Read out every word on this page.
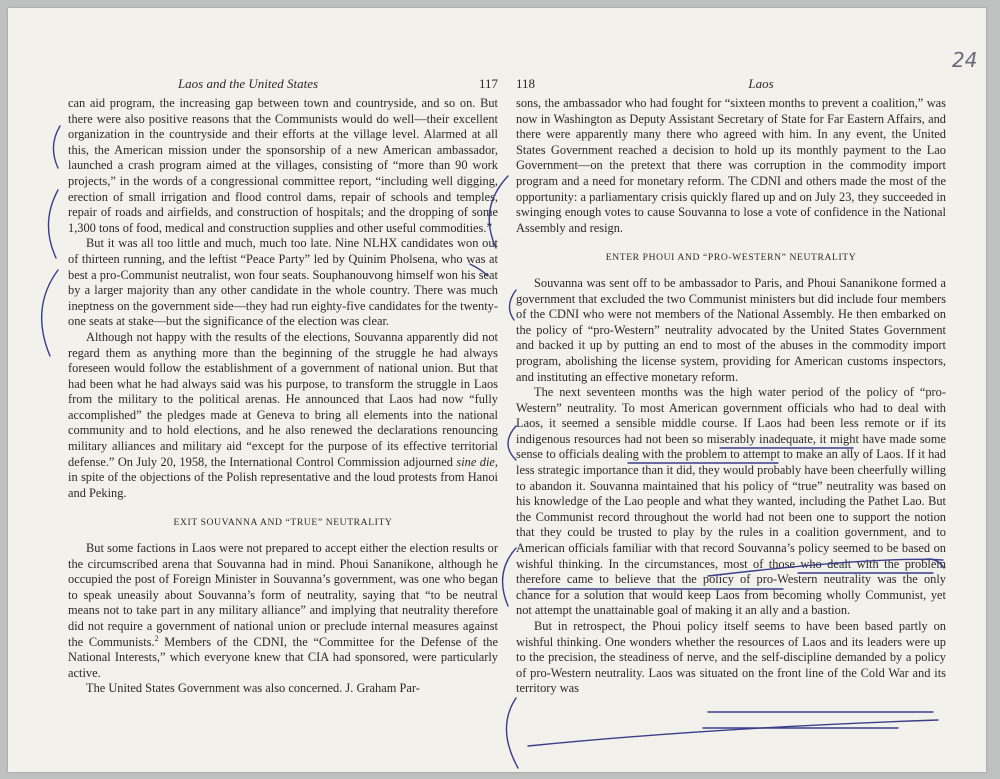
24
Laos and the United States	117

can aid program, the increasing gap between town and countryside, and so on. But there were also positive reasons that the Communists would do well—their excellent organization in the countryside and their efforts at the village level. Alarmed at all this, the American mission under the sponsorship of a new American ambassador, launched a crash program aimed at the villages, consisting of “more than 90 work projects,” in the words of a congressional committee report, “including well digging, erection of small irrigation and flood control dams, repair of schools and temples, repair of roads and airfields, and construction of hospitals; and the dropping of some 1,300 tons of food, medical and construction supplies and other useful commodities.”

But it was all too little and much, much too late. Nine NLHX candidates won out of thirteen running, and the leftist “Peace Party” led by Quinim Pholsena, who was at best a pro-Communist neutralist, won four seats. Souphanouvong himself won his seat by a larger majority than any other candidate in the whole country. There was much ineptness on the government side—they had run eighty-five candidates for the twenty-one seats at stake—but the significance of the election was clear.

Although not happy with the results of the elections, Souvanna apparently did not regard them as anything more than the beginning of the struggle he had always foreseen would follow the establishment of a government of national union. But that had been what he had always said was his purpose, to transform the struggle in Laos from the military to the political arenas. He announced that Laos had now “fully accomplished” the pledges made at Geneva to bring all elements into the national community and to hold elections, and he also renewed the declarations renouncing military alliances and military aid “except for the purpose of its effective territorial defense.” On July 20, 1958, the International Control Commission adjourned sine die, in spite of the objections of the Polish representative and the loud protests from Hanoi and Peking.

EXIT SOUVANNA AND “TRUE” NEUTRALITY

But some factions in Laos were not prepared to accept either the election results or the circumscribed arena that Souvanna had in mind. Phoui Sananikone, although he occupied the post of Foreign Minister in Souvanna’s government, was one who began to speak uneasily about Souvanna’s form of neutrality, saying that “to be neutral means not to take part in any military alliance” and implying that neutrality therefore did not require a government of national union or preclude internal measures against the Communists.$^2$ Members of the CDNI, the “Committee for the Defense of the National Interests,” which everyone knew that CIA had sponsored, were particularly active.

The United States Government was also concerned. J. Graham Par-

118	Laos

sons, the ambassador who had fought for “sixteen months to prevent a coalition,” was now in Washington as Deputy Assistant Secretary of State for Far Eastern Affairs, and there were apparently many there who agreed with him. In any event, the United States Government reached a decision to hold up its monthly payment to the Lao Government—on the pretext that there was corruption in the commodity import program and a need for monetary reform. The CDNI and others made the most of the opportunity: a parliamentary crisis quickly flared up and on July 23, they succeeded in swinging enough votes to cause Souvanna to lose a vote of confidence in the National Assembly and resign.

ENTER PHOUI AND “PRO-WESTERN” NEUTRALITY

Souvanna was sent off to be ambassador to Paris, and Phoui Sananikone formed a government that excluded the two Communist ministers but did include four members of the CDNI who were not members of the National Assembly. He then embarked on the policy of “pro-Western” neutrality advocated by the United States Government and backed it up by putting an end to most of the abuses in the commodity import program, abolishing the license system, providing for American customs inspectors, and instituting an effective monetary reform.

The next seventeen months was the high water period of the policy of “pro-Western” neutrality. To most American government officials who had to deal with Laos, it seemed a sensible middle course. If Laos had been less remote or if its indigenous resources had not been so miserably inadequate, it might have made some sense to officials dealing with the problem to attempt to make an ally of Laos. If it had less strategic importance than it did, they would probably have been cheerfully willing to abandon it. Souvanna maintained that his policy of “true” neutrality was based on his knowledge of the Lao people and what they wanted, including the Pathet Lao. But the Communist record throughout the world had not been one to support the notion that they could be trusted to play by the rules in a coalition government, and to American officials familiar with that record Souvanna’s policy seemed to be based on wishful thinking. In the circumstances, most of those who dealt with the problem therefore came to believe that the policy of pro-Western neutrality was the only chance for a solution that would keep Laos from becoming wholly Communist, yet not attempt the unattainable goal of making it an ally and a bastion.

But in retrospect, the Phoui policy itself seems to have been based partly on wishful thinking. One wonders whether the resources of Laos and its leaders were up to the precision, the steadiness of nerve, and the self-discipline demanded by a policy of pro-Western neutrality. Laos was situated on the front line of the Cold War and its territory was
